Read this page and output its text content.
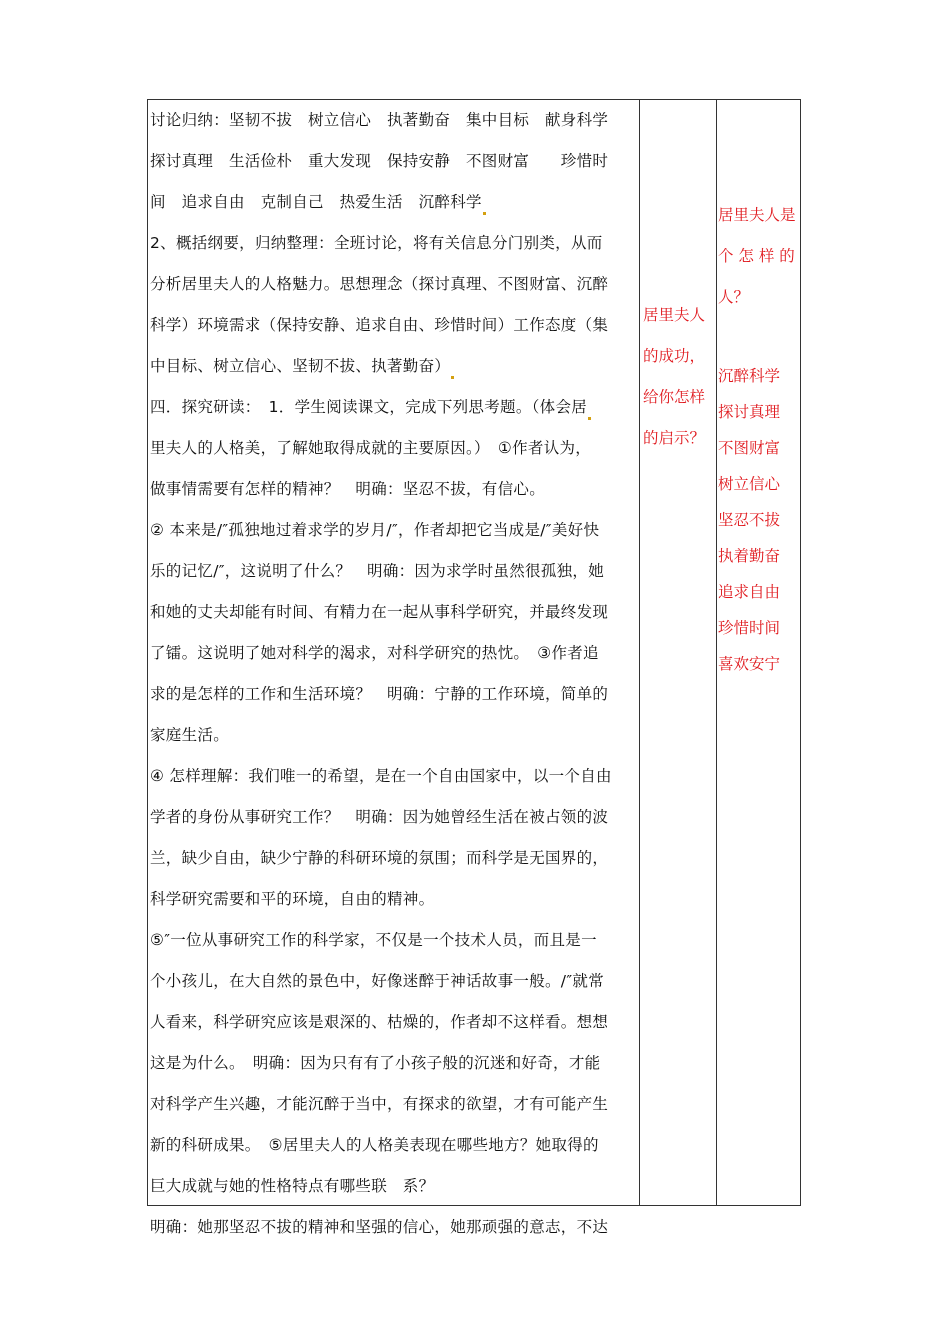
讨论归纳：坚韧不拔　树立信心　执著勤奋　集中目标　献身科学
探讨真理　生活俭朴　重大发现　保持安静　不图财富　　珍惜时
间　追求自由　克制自己　热爱生活　沉醉科学
2、概括纲要，归纳整理：全班讨论，将有关信息分门别类，从而
分析居里夫人的人格魅力。思想理念（探讨真理、不图财富、沉醉
科学）环境需求（保持安静、追求自由、珍惜时间）工作态度（集
中目标、树立信心、坚韧不拔、执著勤奋）
四．探究研读：　1．学生阅读课文，完成下列思考题。（体会居
里夫人的人格美，了解她取得成就的主要原因。）　①作者认为，
做事情需要有怎样的精神？　明确：坚忍不拔，有信心。
② 本来是/″孤独地过着求学的岁月/″，作者却把它当成是/″美好快
乐的记忆/″，这说明了什么？　明确：因为求学时虽然很孤独，她
和她的丈夫却能有时间、有精力在一起从事科学研究，并最终发现
了镭。这说明了她对科学的渴求，对科学研究的热忱。　③作者追
求的是怎样的工作和生活环境？　明确：宁静的工作环境，简单的
家庭生活。
④ 怎样理解：我们唯一的希望，是在一个自由国家中，以一个自由
学者的身份从事研究工作？　明确：因为她曾经生活在被占领的波
兰，缺少自由，缺少宁静的科研环境的氛围；而科学是无国界的，
科学研究需要和平的环境，自由的精神。
⑤″一位从事研究工作的科学家，不仅是一个技术人员，而且是一
个小孩儿，在大自然的景色中，好像迷醉于神话故事一般。/″就常
人看来，科学研究应该是艰深的、枯燥的，作者却不这样看。想想
这是为什么。　明确：因为只有有了小孩子般的沉迷和好奇，才能
对科学产生兴趣，才能沉醉于当中，有探求的欲望，才有可能产生
新的科研成果。　⑤居里夫人的人格美表现在哪些地方？她取得的
巨大成就与她的性格特点有哪些联　系？
明确：她那坚忍不拔的精神和坚强的信心，她那顽强的意志，不达
居里夫人
的成功，
给你怎样
的启示？
居里夫人是
个 怎 样 的
人？
沉醉科学
探讨真理
不图财富
树立信心
坚忍不拔
执着勤奋
追求自由
珍惜时间
喜欢安宁
